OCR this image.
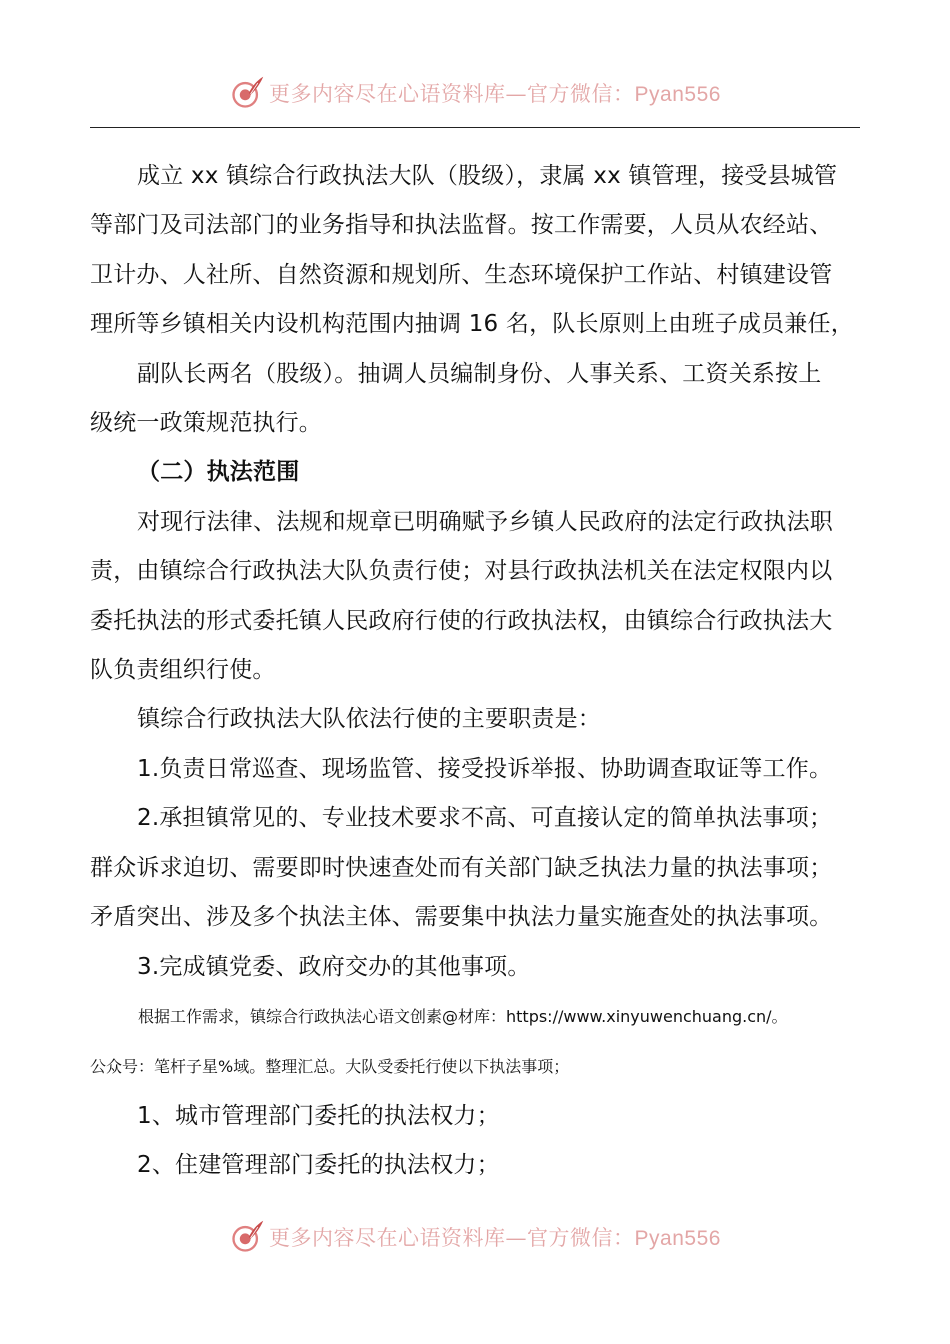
更多内容尽在心语资料库—官方微信：Pyan556

成立 xx 镇综合行政执法大队（股级），隶属 xx 镇管理，接受县城管

等部门及司法部门的业务指导和执法监督。按工作需要，人员从农经站、

卫计办、人社所、自然资源和规划所、生态环境保护工作站、村镇建设管

理所等乡镇相关内设机构范围内抽调 16 名，队长原则上由班子成员兼任，

副队长两名（股级）。抽调人员编制身份、人事关系、工资关系按上

级统一政策规范执行。

（二）执法范围

对现行法律、法规和规章已明确赋予乡镇人民政府的法定行政执法职

责，由镇综合行政执法大队负责行使；对县行政执法机关在法定权限内以

委托执法的形式委托镇人民政府行使的行政执法权，由镇综合行政执法大

队负责组织行使。

镇综合行政执法大队依法行使的主要职责是：

1.负责日常巡查、现场监管、接受投诉举报、协助调查取证等工作。

2.承担镇常见的、专业技术要求不高、可直接认定的简单执法事项；

群众诉求迫切、需要即时快速查处而有关部门缺乏执法力量的执法事项；

矛盾突出、涉及多个执法主体、需要集中执法力量实施查处的执法事项。

3.完成镇党委、政府交办的其他事项。

根据工作需求，镇综合行政执法心语文创素@材库：https://www.xinyuwenchuang.cn/。

公众号：笔杆子星%域。整理汇总。大队受委托行使以下执法事项；

1、城市管理部门委托的执法权力；

2、住建管理部门委托的执法权力；

更多内容尽在心语资料库—官方微信：Pyan556
